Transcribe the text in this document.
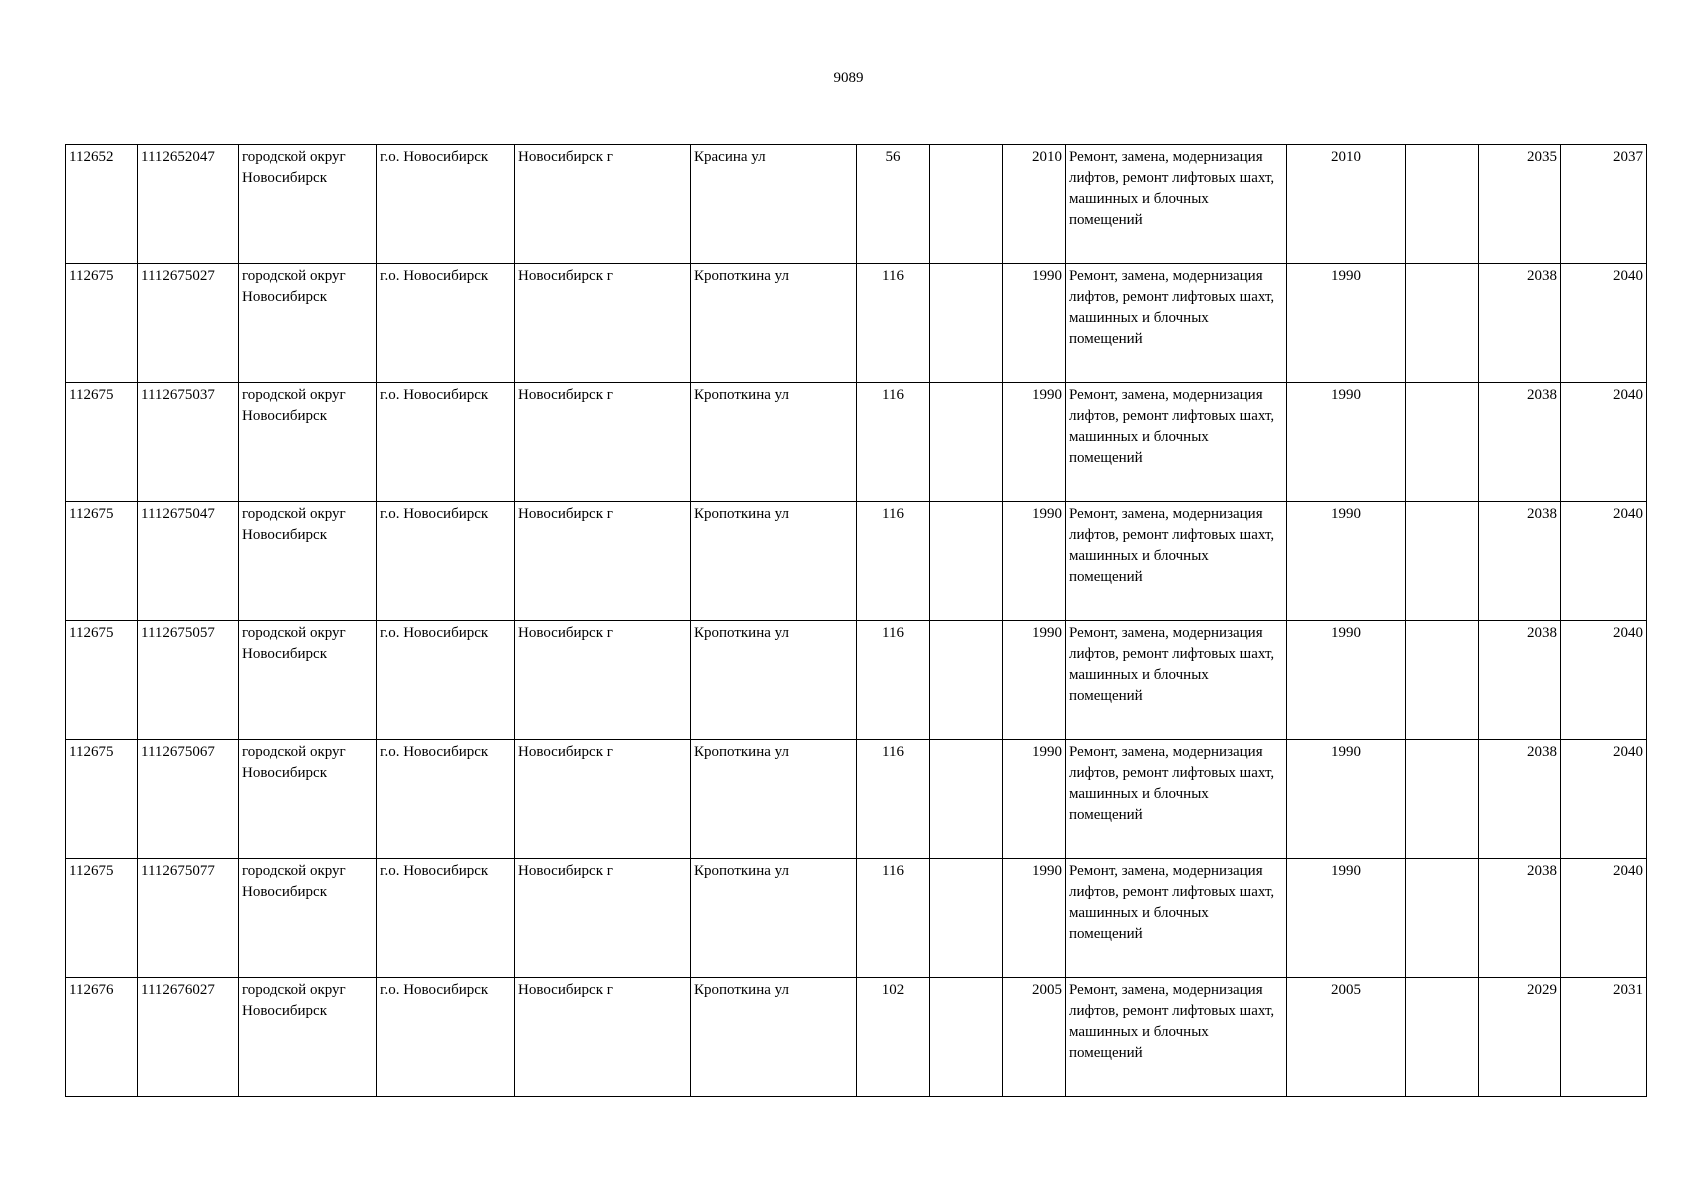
9089
112652	1112652047	городской округ Новосибирск	г.о. Новосибирск	Новосибирск г	Красина ул	56		2010	Ремонт, замена, модернизация лифтов, ремонт лифтовых шахт, машинных и блочных помещений	2010		2035	2037
112675	1112675027	городской округ Новосибирск	г.о. Новосибирск	Новосибирск г	Кропоткина ул	116		1990	Ремонт, замена, модернизация лифтов, ремонт лифтовых шахт, машинных и блочных помещений	1990		2038	2040
112675	1112675037	городской округ Новосибирск	г.о. Новосибирск	Новосибирск г	Кропоткина ул	116		1990	Ремонт, замена, модернизация лифтов, ремонт лифтовых шахт, машинных и блочных помещений	1990		2038	2040
112675	1112675047	городской округ Новосибирск	г.о. Новосибирск	Новосибирск г	Кропоткина ул	116		1990	Ремонт, замена, модернизация лифтов, ремонт лифтовых шахт, машинных и блочных помещений	1990		2038	2040
112675	1112675057	городской округ Новосибирск	г.о. Новосибирск	Новосибирск г	Кропоткина ул	116		1990	Ремонт, замена, модернизация лифтов, ремонт лифтовых шахт, машинных и блочных помещений	1990		2038	2040
112675	1112675067	городской округ Новосибирск	г.о. Новосибирск	Новосибирск г	Кропоткина ул	116		1990	Ремонт, замена, модернизация лифтов, ремонт лифтовых шахт, машинных и блочных помещений	1990		2038	2040
112675	1112675077	городской округ Новосибирск	г.о. Новосибирск	Новосибирск г	Кропоткина ул	116		1990	Ремонт, замена, модернизация лифтов, ремонт лифтовых шахт, машинных и блочных помещений	1990		2038	2040
112676	1112676027	городской округ Новосибирск	г.о. Новосибирск	Новосибирск г	Кропоткина ул	102		2005	Ремонт, замена, модернизация лифтов, ремонт лифтовых шахт, машинных и блочных помещений	2005		2029	2031
